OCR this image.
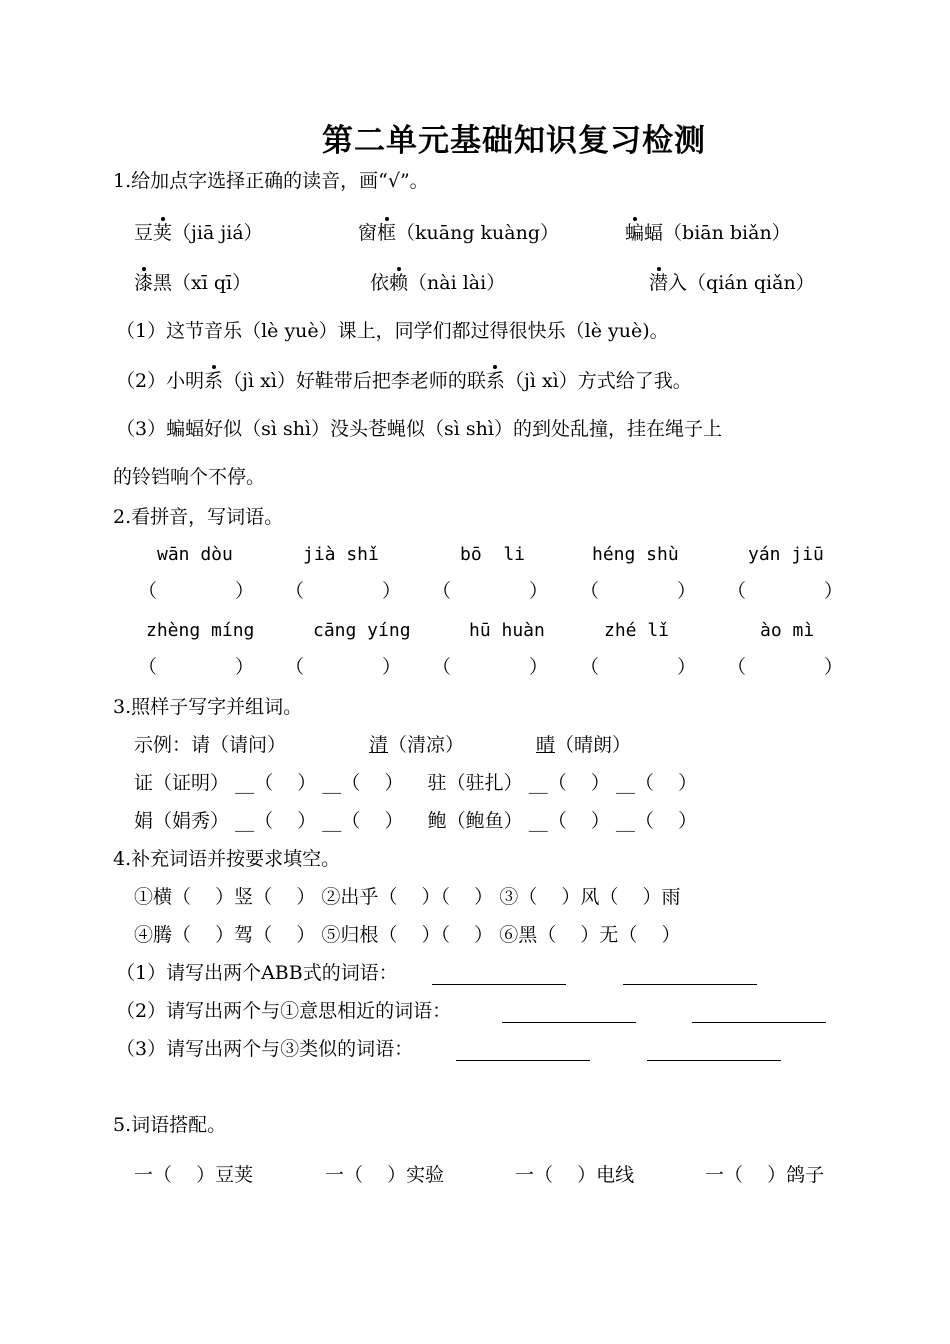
第二单元基础知识复习检测
1.给加点字选择正确的读音，画“√”。
豆荚（jiā jiá）	窗框（kuāng kuàng）	蝙蝠（biān biǎn）
漆黑（xī qī）	依赖（nài lài）	潜入（qián qiǎn）
（1）这节音乐（lè yuè）课上，同学们都过得很快乐（lè yuè)。
（2）小明系（jì xì）好鞋带后把李老师的联系（jì xì）方式给了我。
（3）蝙蝠好似（sì shì）没头苍蝇似（sì shì）的到处乱撞，挂在绳子上
的铃铛响个不停。
2.看拼音，写词语。
wān dòu	jià shǐ	bō  li	héng shù	yán jiū
（	） （	） （	） （	） （	）
zhèng míng	cāng yíng	hū huàn	zhé lǐ	ào mì
（	） （	） （	） （	） （	）
3.照样子写字并组词。
示例：请（请问）	清（清凉）	晴（晴朗）
证（证明） __（    ） __（    ） 驻（驻扎） __（    ） __（    ）
娟（娟秀） __（    ） __（    ） 鲍（鲍鱼） __（    ） __（    ）
4.补充词语并按要求填空。
①横（    ）竖（    ） ②出乎（    ）（    ） ③（    ）风（    ）雨
④腾（    ）驾（    ） ⑤归根（    ）（    ） ⑥黑（    ）无（    ）
（1）请写出两个ABB式的词语：
（2）请写出两个与①意思相近的词语：
（3）请写出两个与③类似的词语：
5.词语搭配。
一（    ）豆荚	一（    ）实验	一（    ）电线	一（    ）鸽子
